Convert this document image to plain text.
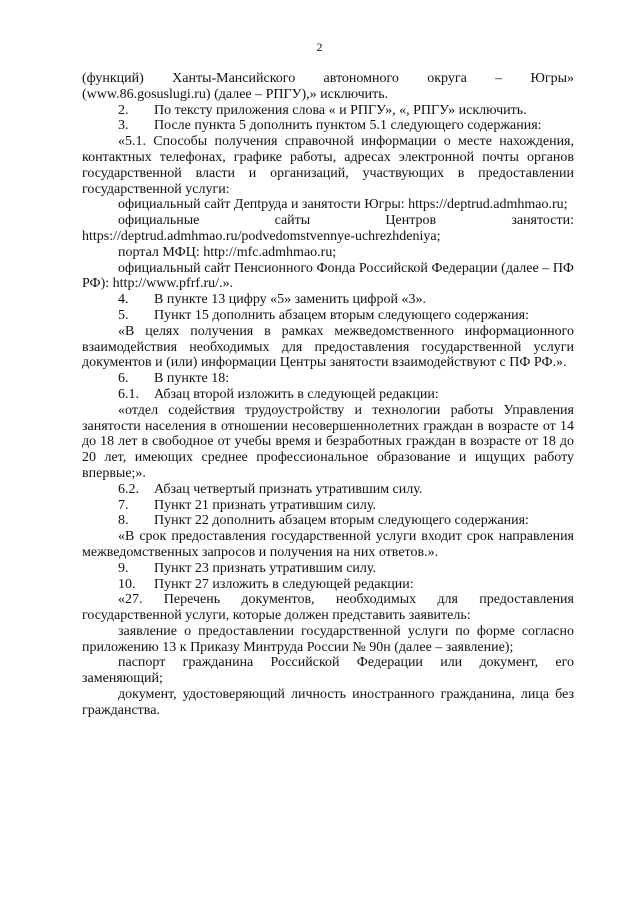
2

(функций) Ханты-Мансийского автономного округа – Югры» (www.86.gosuslugi.ru) (далее – РПГУ),» исключить.

2. По тексту приложения слова « и РПГУ», «, РПГУ» исключить.

3. После пункта 5 дополнить пунктом 5.1 следующего содержания:

«5.1. Способы получения справочной информации о месте нахождения, контактных телефонах, графике работы, адресах электронной почты органов государственной власти и организаций, участвующих в предоставлении государственной услуги:

официальный сайт Депtруда и занятости Югры: https://deptrud.admhmao.ru;

официальные сайты Центров занятости: https://deptrud.admhmao.ru/podvedomstvennye-uchrezhdeniya;

портал МФЦ: http://mfc.admhmao.ru;

официальный сайт Пенсионного Фонда Российской Федерации (далее – ПФ РФ): http://www.pfrf.ru/.».

4. В пункте 13 цифру «5» заменить цифрой «3».

5. Пункт 15 дополнить абзацем вторым следующего содержания:

«В целях получения в рамках межведомственного информационного взаимодействия необходимых для предоставления государственной услуги документов и (или) информации Центры занятости взаимодействуют с ПФ РФ.».

6. В пункте 18:

6.1. Абзац второй изложить в следующей редакции:

«отдел содействия трудоустройству и технологии работы Управления занятости населения в отношении несовершеннолетних граждан в возрасте от 14 до 18 лет в свободное от учебы время и безработных граждан в возрасте от 18 до 20 лет, имеющих среднее профессиональное образование и ищущих работу впервые;».

6.2. Абзац четвертый признать утратившим силу.

7. Пункт 21 признать утратившим силу.

8. Пункт 22 дополнить абзацем вторым следующего содержания:

«В срок предоставления государственной услуги входит срок направления межведомственных запросов и получения на них ответов.».

9. Пункт 23 признать утратившим силу.

10. Пункт 27 изложить в следующей редакции:

«27. Перечень документов, необходимых для предоставления государственной услуги, которые должен представить заявитель:

заявление о предоставлении государственной услуги по форме согласно приложению 13 к Приказу Минтруда России № 90н (далее – заявление);

паспорт гражданина Российской Федерации или документ, его заменяющий;

документ, удостоверяющий личность иностранного гражданина, лица без гражданства.
